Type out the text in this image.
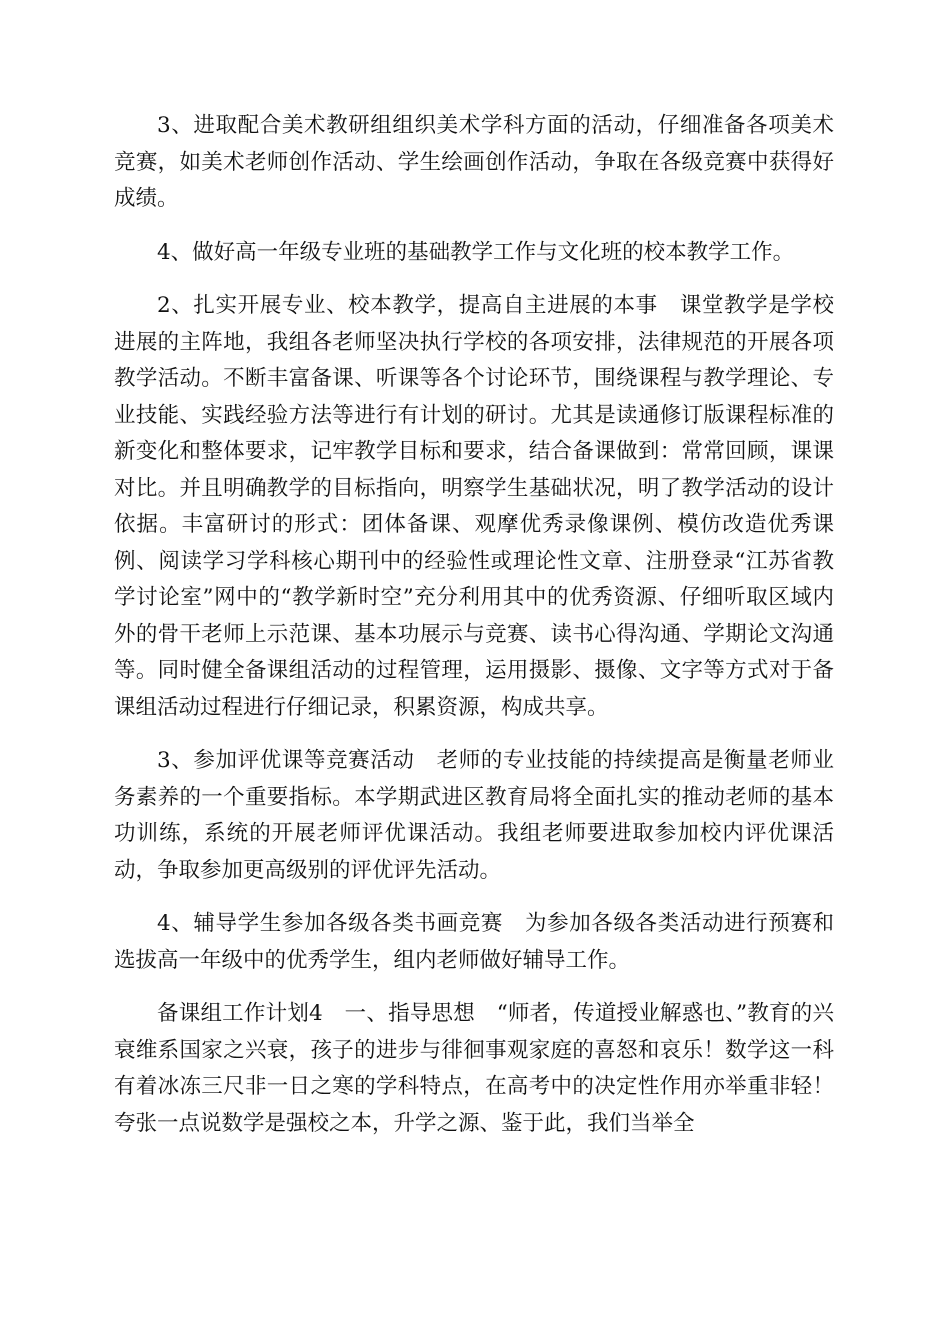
3、进取配合美术教研组组织美术学科方面的活动，仔细准备各项美术竞赛，如美术老师创作活动、学生绘画创作活动，争取在各级竞赛中获得好成绩。

4、做好高一年级专业班的基础教学工作与文化班的校本教学工作。

2、扎实开展专业、校本教学，提高自主进展的本事　课堂教学是学校进展的主阵地，我组各老师坚决执行学校的各项安排，法律规范的开展各项教学活动。不断丰富备课、听课等各个讨论环节，围绕课程与教学理论、专业技能、实践经验方法等进行有计划的研讨。尤其是读通修订版课程标准的新变化和整体要求，记牢教学目标和要求，结合备课做到：常常回顾，课课对比。并且明确教学的目标指向，明察学生基础状况，明了教学活动的设计依据。丰富研讨的形式：团体备课、观摩优秀录像课例、模仿改造优秀课例、阅读学习学科核心期刊中的经验性或理论性文章、注册登录“江苏省教学讨论室”网中的“教学新时空”充分利用其中的优秀资源、仔细听取区域内外的骨干老师上示范课、基本功展示与竞赛、读书心得沟通、学期论文沟通等。同时健全备课组活动的过程管理，运用摄影、摄像、文字等方式对于备课组活动过程进行仔细记录，积累资源，构成共享。

3、参加评优课等竞赛活动　老师的专业技能的持续提高是衡量老师业务素养的一个重要指标。本学期武进区教育局将全面扎实的推动老师的基本功训练，系统的开展老师评优课活动。我组老师要进取参加校内评优课活动，争取参加更高级别的评优评先活动。

4、辅导学生参加各级各类书画竞赛　为参加各级各类活动进行预赛和选拔高一年级中的优秀学生，组内老师做好辅导工作。

备课组工作计划4　一、指导思想　“师者，传道授业解惑也、”教育的兴衰维系国家之兴衰，孩子的进步与徘徊事观家庭的喜怒和哀乐！数学这一科有着冰冻三尺非一日之寒的学科特点，在高考中的决定性作用亦举重非轻！夸张一点说数学是强校之本，升学之源、鉴于此，我们当举全
